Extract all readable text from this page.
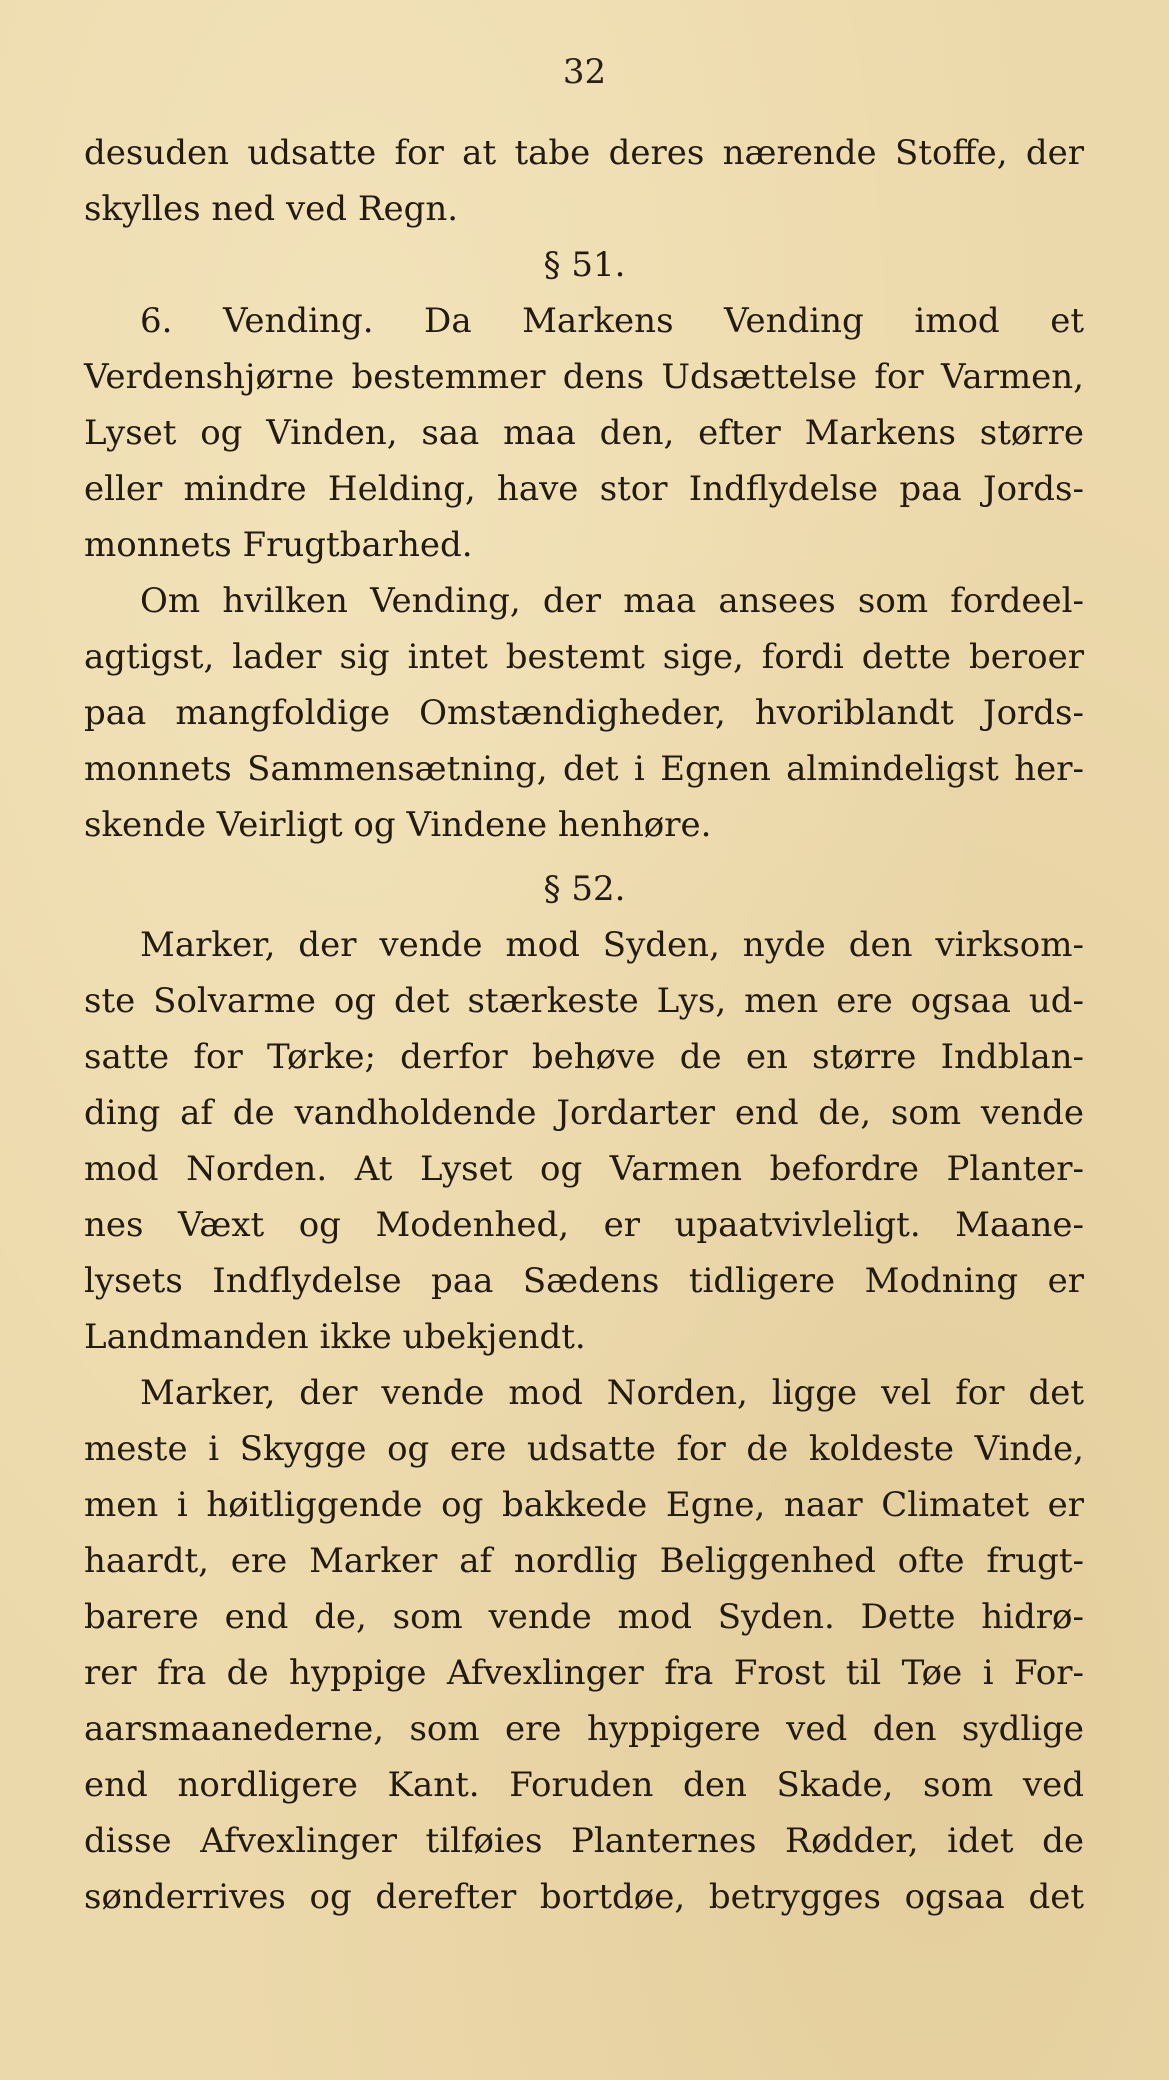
32
desuden udsatte for at tabe deres nærende Stoffe, der
skylles ned ved Regn.
§ 51.
6. Vending. Da Markens Vending imod et
Verdenshjørne bestemmer dens Udsættelse for Varmen,
Lyset og Vinden, saa maa den, efter Markens større
eller mindre Helding, have stor Indflydelse paa Jords-
monnets Frugtbarhed.
Om hvilken Vending, der maa ansees som fordeel-
agtigst, lader sig intet bestemt sige, fordi dette beroer
paa mangfoldige Omstændigheder, hvoriblandt Jords-
monnets Sammensætning, det i Egnen almindeligst her-
skende Veirligt og Vindene henhøre.
§ 52.
Marker, der vende mod Syden, nyde den virksom-
ste Solvarme og det stærkeste Lys, men ere ogsaa ud-
satte for Tørke; derfor behøve de en større Indblan-
ding af de vandholdende Jordarter end de, som vende
mod Norden. At Lyset og Varmen befordre Planter-
nes Væxt og Modenhed, er upaatvivleligt. Maane-
lysets Indflydelse paa Sædens tidligere Modning er
Landmanden ikke ubekjendt.
Marker, der vende mod Norden, ligge vel for det
meste i Skygge og ere udsatte for de koldeste Vinde,
men i høitliggende og bakkede Egne, naar Climatet er
haardt, ere Marker af nordlig Beliggenhed ofte frugt-
barere end de, som vende mod Syden. Dette hidrø-
rer fra de hyppige Afvexlinger fra Frost til Tøe i For-
aarsmaanederne, som ere hyppigere ved den sydlige
end nordligere Kant. Foruden den Skade, som ved
disse Afvexlinger tilføies Planternes Rødder, idet de
sønderrives og derefter bortdøe, betrygges ogsaa det
